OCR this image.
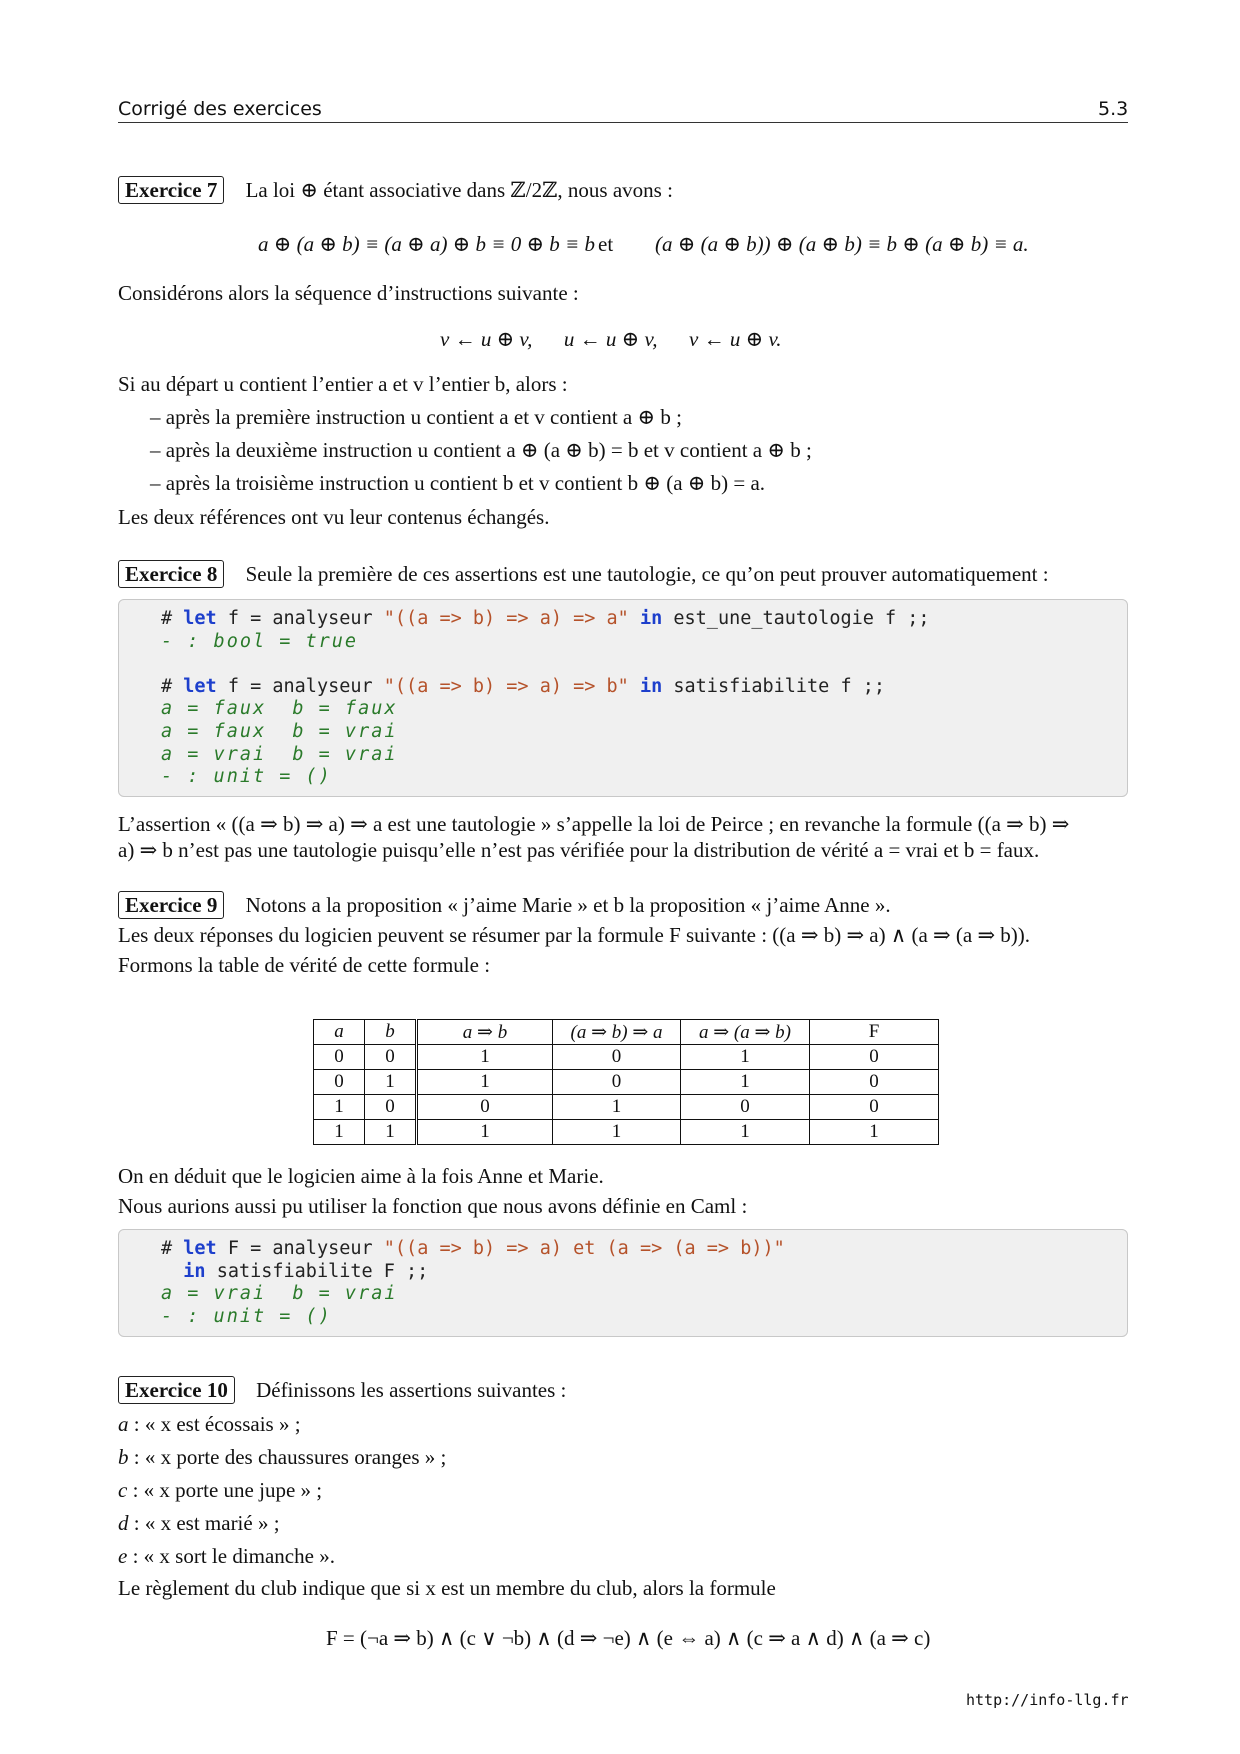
Corrigé des exercices	5.3
Exercice 7 La loi ⊕ étant associative dans ℤ/2ℤ, nous avons :
a ⊕ (a ⊕ b) ≡ (a ⊕ a) ⊕ b ≡ 0 ⊕ b ≡ b et (a ⊕ (a ⊕ b)) ⊕ (a ⊕ b) ≡ b ⊕ (a ⊕ b) ≡ a.
Considérons alors la séquence d’instructions suivante :
v ← u ⊕ v,      u ← u ⊕ v,      v ← u ⊕ v.
Si au départ u contient l’entier a et v l’entier b, alors :
– après la première instruction u contient a et v contient a ⊕ b ;
– après la deuxième instruction u contient a ⊕ (a ⊕ b) = b et v contient a ⊕ b ;
– après la troisième instruction u contient b et v contient b ⊕ (a ⊕ b) = a.
Les deux références ont vu leur contenus échangés.
Exercice 8 Seule la première de ces assertions est une tautologie, ce qu’on peut prouver automatiquement :
# let f = analyseur "((a => b) => a) => a" in est_une_tautologie f ;;
- : bool = true

# let f = analyseur "((a => b) => a) => b" in satisfiabilite f ;;
a = faux  b = faux
a = faux  b = vrai
a = vrai  b = vrai
- : unit = ()
L’assertion « ((a ⇒ b) ⇒ a) ⇒ a est une tautologie » s’appelle la loi de Peirce ; en revanche la formule ((a ⇒ b) ⇒
a) ⇒ b n’est pas une tautologie puisqu’elle n’est pas vérifiée pour la distribution de vérité a = vrai et b = faux.
Exercice 9 Notons a la proposition « j’aime Marie » et b la proposition « j’aime Anne ».
Les deux réponses du logicien peuvent se résumer par la formule F suivante : ((a ⇒ b) ⇒ a) ∧ (a ⇒ (a ⇒ b)).
Formons la table de vérité de cette formule :
a	b	a ⇒ b	(a ⇒ b) ⇒ a	a ⇒ (a ⇒ b)	F
0	0	1	0	1	0
0	1	1	0	1	0
1	0	0	1	0	0
1	1	1	1	1	1
On en déduit que le logicien aime à la fois Anne et Marie.
Nous aurions aussi pu utiliser la fonction que nous avons définie en Caml :
# let F = analyseur "((a => b) => a) et (a => (a => b))"
in satisfiabilite F ;;
a = vrai  b = vrai
- : unit = ()
Exercice 10 Définissons les assertions suivantes :
a : « x est écossais » ;
b : « x porte des chaussures oranges » ;
c : « x porte une jupe » ;
d : « x est marié » ;
e : « x sort le dimanche ».
Le règlement du club indique que si x est un membre du club, alors la formule
F = (¬a ⇒ b) ∧ (c ∨ ¬b) ∧ (d ⇒ ¬e) ∧ (e ⇔ a) ∧ (c ⇒ a ∧ d) ∧ (a ⇒ c)
http://info-llg.fr
